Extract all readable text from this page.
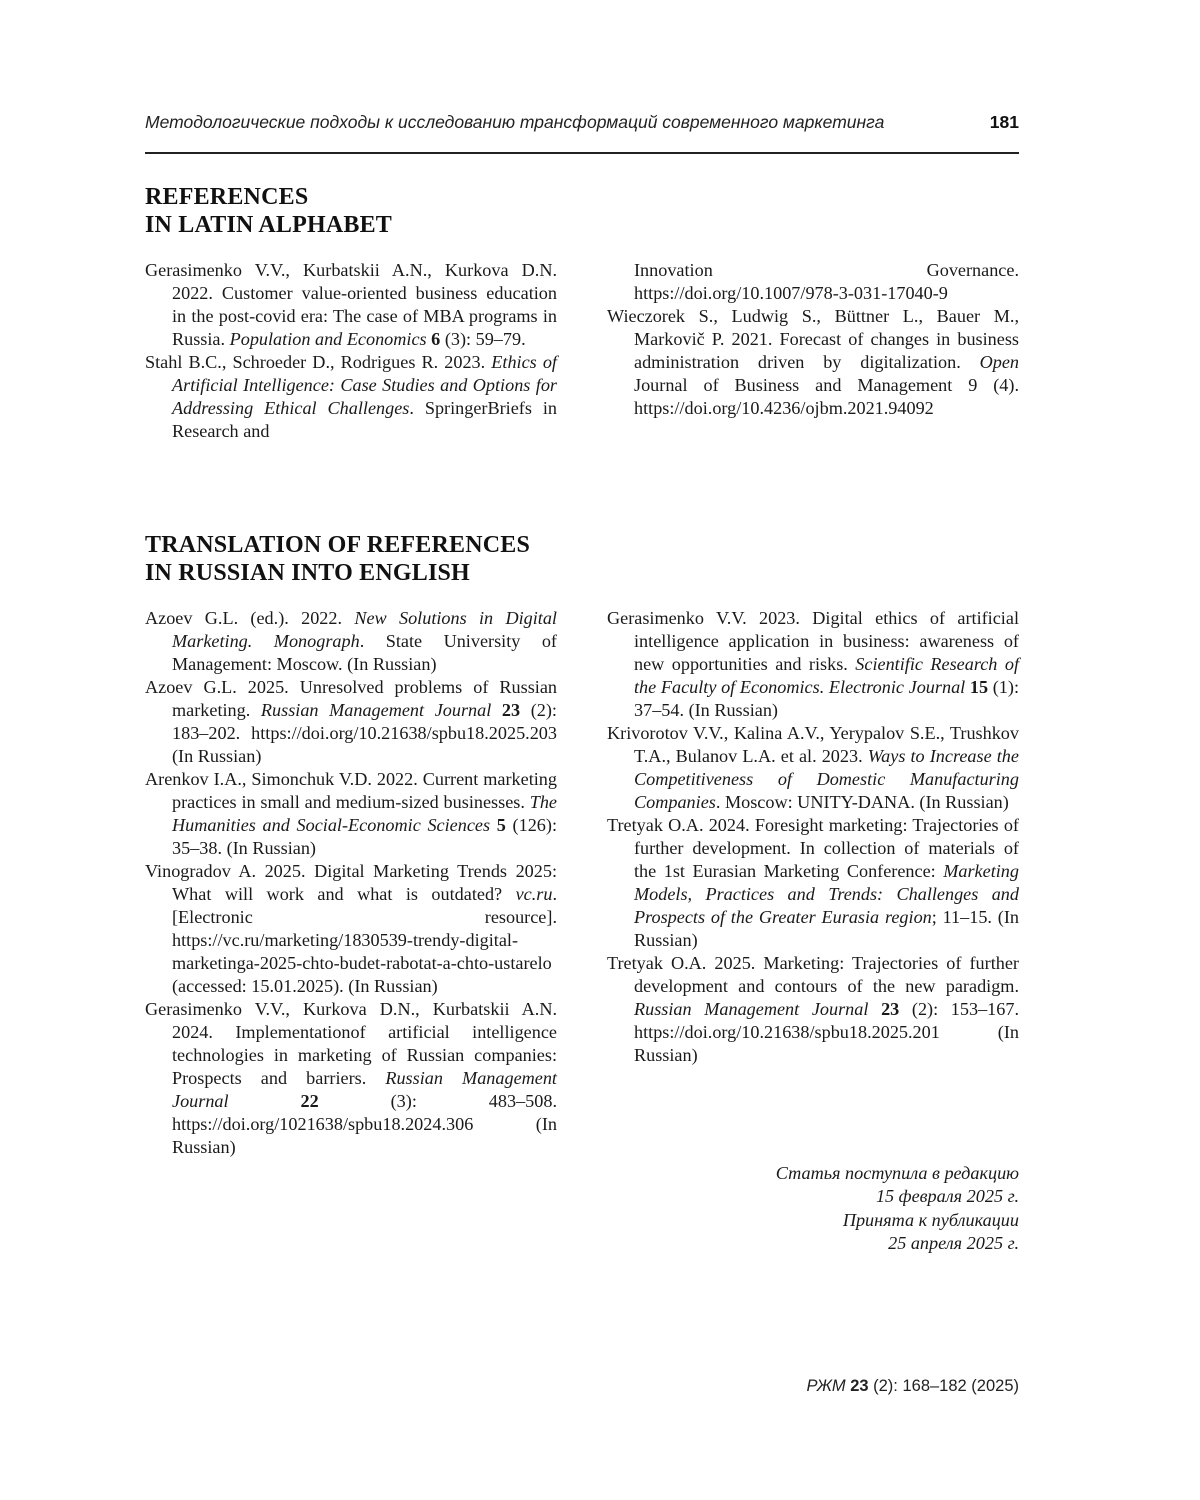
Методологические подходы к исследованию трансформаций современного маркетинга	181
REFERENCES
IN LATIN ALPHABET

Gerasimenko V.V., Kurbatskii A.N., Kurkova D.N. 2022. Customer value-oriented business education in the post-covid era: The case of MBA programs in Russia. Population and Economics 6 (3): 59–79.

Stahl B.C., Schroeder D., Rodrigues R. 2023. Ethics of Artificial Intelligence: Case Studies and Options for Addressing Ethical Challenges. SpringerBriefs in Research and

Innovation Governance. https://doi.org/10.1007/978-3-031-17040-9

Wieczorek S., Ludwig S., Büttner L., Bauer M., Markovič P. 2021. Forecast of changes in business administration driven by digitalization. Open Journal of Business and Management 9 (4). https://doi.org/10.4236/ojbm.2021.94092

TRANSLATION OF REFERENCES
IN RUSSIAN INTO ENGLISH

Azoev G.L. (ed.). 2022. New Solutions in Digital Marketing. Monograph. State University of Management: Moscow. (In Russian)

Azoev G.L. 2025. Unresolved problems of Russian marketing. Russian Management Journal 23 (2): 183–202. https://doi.org/10.21638/spbu18.2025.203 (In Russian)

Arenkov I.A., Simonchuk V.D. 2022. Current marketing practices in small and medium-sized businesses. The Humanities and Social-Economic Sciences 5 (126): 35–38. (In Russian)

Vinogradov A. 2025. Digital Marketing Trends 2025: What will work and what is outdated? vc.ru. [Electronic resource]. https://vc.ru/marketing/1830539-trendy-digital-marketinga-2025-chto-budet-rabotat-a-chto-ustarelo (accessed: 15.01.2025). (In Russian)

Gerasimenko V.V., Kurkova D.N., Kurbatskii A.N. 2024. Implementationof artificial intelligence technologies in marketing of Russian companies: Prospects and barriers. Russian Management Journal	22 (3): 483–508. https://doi.org/1021638/spbu18.2024.306 (In Russian)

Gerasimenko V.V. 2023. Digital ethics of artificial intelligence application in business: awareness of new opportunities and risks. Scientific Research of the Faculty of Economics. Electronic Journal 15 (1): 37–54. (In Russian)

Krivorotov V.V., Kalina A.V., Yerypalov S.E., Trushkov T.A., Bulanov L.A. et al. 2023. Ways to Increase the Competitiveness of Domestic Manufacturing Companies. Moscow: UNITY-DANA. (In Russian)

Tretyak O.A. 2024. Foresight marketing: Trajectories of further development. In collection of materials of the 1st Eurasian Marketing Conference: Marketing Models, Practices and Trends: Challenges and Prospects of the Greater Eurasia region; 11–15. (In Russian)

Tretyak O.A. 2025. Marketing: Trajectories of further development and contours of the new paradigm. Russian Management Journal 23 (2): 153–167. https://doi.org/10.21638/spbu18.2025.201 (In Russian)

Статья поступила в редакцию
15 февраля 2025 г.
Принята к публикации
25 апреля 2025 г.
РЖМ 23 (2): 168–182 (2025)
